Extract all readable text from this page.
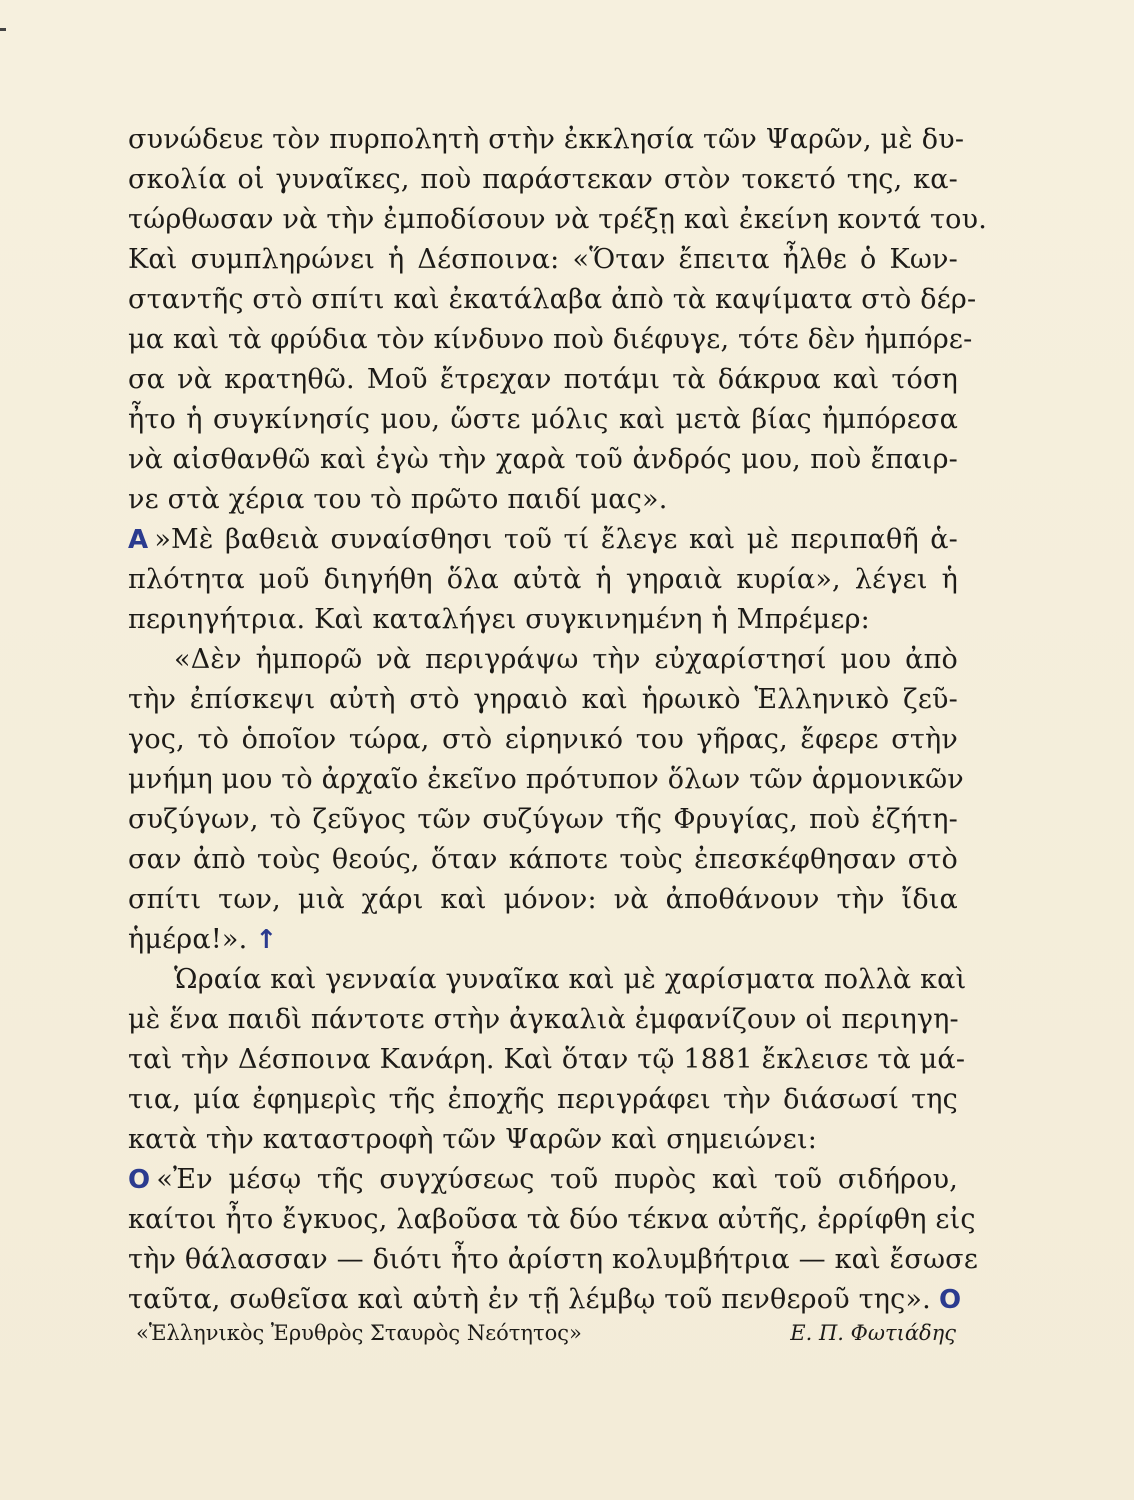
συνώδευε τὸν πυρπολητὴ στὴν ἐκκλησία τῶν Ψαρῶν, μὲ δυ-
σκολία οἱ γυναῖκες, ποὺ παράστεκαν στὸν τοκετό της, κα-
τώρθωσαν νὰ τὴν ἐμποδίσουν νὰ τρέξῃ καὶ ἐκείνη κοντά του.
Καὶ συμπληρώνει ἡ Δέσποινα: «Ὅταν ἔπειτα ἦλθε ὁ Κων-
σταντῆς στὸ σπίτι καὶ ἐκατάλαβα ἀπὸ τὰ καψίματα στὸ δέρ-
μα καὶ τὰ φρύδια τὸν κίνδυνο ποὺ διέφυγε, τότε δὲν ἠμπόρε-
σα νὰ κρατηθῶ. Μοῦ ἔτρεχαν ποτάμι τὰ δάκρυα καὶ τόση
ἦτο ἡ συγκίνησίς μου, ὥστε μόλις καὶ μετὰ βίας ἠμπόρεσα
νὰ αἰσθανθῶ καὶ ἐγὼ τὴν χαρὰ τοῦ ἀνδρός μου, ποὺ ἔπαιρ-
νε στὰ χέρια του τὸ πρῶτο παιδί μας».
A »Μὲ βαθειὰ συναίσθησι τοῦ τί ἔλεγε καὶ μὲ περιπαθῆ ἁ-
πλότητα μοῦ διηγήθη ὅλα αὐτὰ ἡ γηραιὰ κυρία», λέγει ἡ
περιηγήτρια. Καὶ καταλήγει συγκινημένη ἡ Μπρέμερ:
«Δὲν ἠμπορῶ νὰ περιγράψω τὴν εὐχαρίστησί μου ἀπὸ
τὴν ἐπίσκεψι αὐτὴ στὸ γηραιὸ καὶ ἡρωικὸ Ἑλληνικὸ ζεῦ-
γος, τὸ ὁποῖον τώρα, στὸ εἰρηνικό του γῆρας, ἔφερε στὴν
μνήμη μου τὸ ἀρχαῖο ἐκεῖνο πρότυπον ὅλων τῶν ἁρμονικῶν
συζύγων, τὸ ζεῦγος τῶν συζύγων τῆς Φρυγίας, ποὺ ἐζήτη-
σαν ἀπὸ τοὺς θεούς, ὅταν κάποτε τοὺς ἐπεσκέφθησαν στὸ
σπίτι των, μιὰ χάρι καὶ μόνον: νὰ ἀποθάνουν τὴν ἴδια
ἡμέρα!». ↑
Ὡραία καὶ γενναία γυναῖκα καὶ μὲ χαρίσματα πολλὰ καὶ
μὲ ἕνα παιδὶ πάντοτε στὴν ἀγκαλιὰ ἐμφανίζουν οἱ περιηγη-
ταὶ τὴν Δέσποινα Κανάρη. Καὶ ὅταν τῷ 1881 ἔκλεισε τὰ μά-
τια, μία ἐφημερὶς τῆς ἐποχῆς περιγράφει τὴν διάσωσί της
κατὰ τὴν καταστροφὴ τῶν Ψαρῶν καὶ σημειώνει:
O «Ἐν μέσῳ τῆς συγχύσεως τοῦ πυρὸς καὶ τοῦ σιδήρου,
καίτοι ἦτο ἔγκυος, λαβοῦσα τὰ δύο τέκνα αὐτῆς, ἐρρίφθη εἰς
τὴν θάλασσαν — διότι ἦτο ἀρίστη κολυμβήτρια — καὶ ἔσωσε
ταῦτα, σωθεῖσα καὶ αὐτὴ ἐν τῇ λέμβῳ τοῦ πενθεροῦ της». O
«Ἑλληνικὸς Ἐρυθρὸς Σταυρὸς Νεότητος»	Ε. Π. Φωτιάδης
